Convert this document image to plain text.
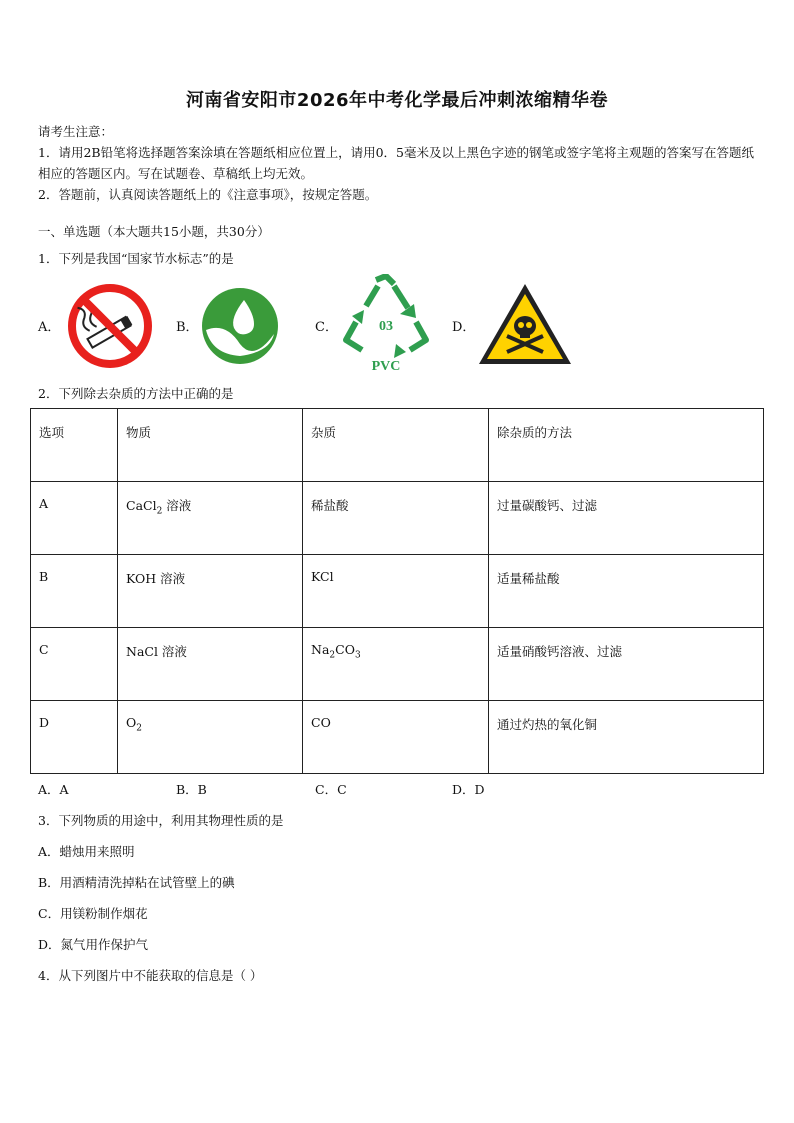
河南省安阳市2026年中考化学最后冲刺浓缩精华卷
请考生注意：
1．请用2B铅笔将选择题答案涂填在答题纸相应位置上，请用0．5毫米及以上黑色字迹的钢笔或签字笔将主观题的答案写在答题纸相应的答题区内。写在试题卷、草稿纸上均无效。
2．答题前，认真阅读答题纸上的《注意事项》，按规定答题。
一、单选题（本大题共15小题，共30分）
1．下列是我国“国家节水标志”的是
A．	B．	C．	03
PVC
D．
2．下列除去杂质的方法中正确的是
选项	物质	杂质	除杂质的方法
A	CaCl$_2$ 溶液	稀盐酸	过量碳酸钙、过滤
B	KOH 溶液	KCl	适量稀盐酸
C	NaCl 溶液	$Na_2CO_3$	适量硝酸钙溶液、过滤
D	$O_2$	CO	通过灼热的氧化铜
A．A	B．B	C．C	D．D
3．下列物质的用途中，利用其物理性质的是
A．蜡烛用来照明
B．用酒精清洗掉粘在试管壁上的碘
C．用镁粉制作烟花
D．氮气用作保护气
4．从下列图片中不能获取的信息是（ ）
